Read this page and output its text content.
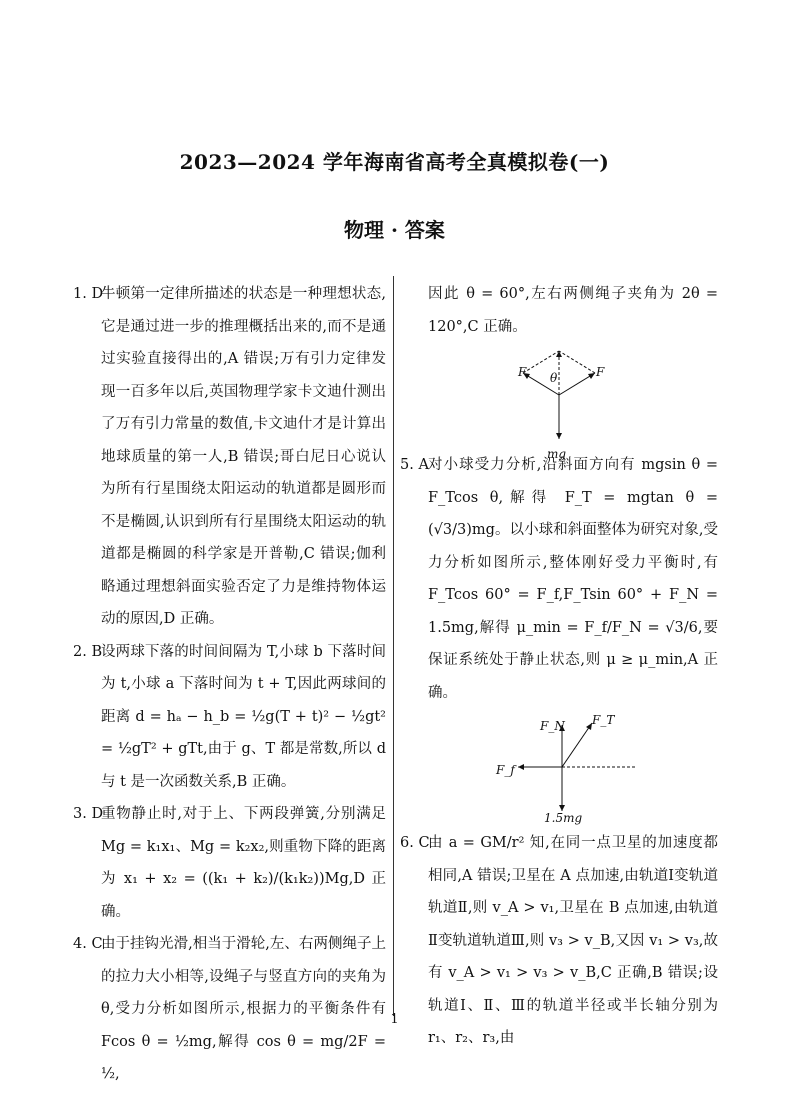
2023—2024 学年海南省高考全真模拟卷(一)
物理 · 答案
1. D
牛顿第一定律所描述的状态是一种理想状态,它是通过进一步的推理概括出来的,而不是通过实验直接得出的,A 错误;万有引力定律发现一百多年以后,英国物理学家卡文迪什测出了万有引力常量的数值,卡文迪什才是计算出地球质量的第一人,B 错误;哥白尼日心说认为所有行星围绕太阳运动的轨道都是圆形而不是椭圆,认识到所有行星围绕太阳运动的轨道都是椭圆的科学家是开普勒,C 错误;伽利略通过理想斜面实验否定了力是维持物体运动的原因,D 正确。
2. B
设两球下落的时间间隔为 T,小球 b 下落时间为 t,小球 a 下落时间为 t + T,因此两球间的距离 d = hₐ − h_b = ½g(T + t)² − ½gt² = ½gT² + gTt,由于 g、T 都是常数,所以 d 与 t 是一次函数关系,B 正确。
3. D
重物静止时,对于上、下两段弹簧,分别满足 Mg = k₁x₁、Mg = k₂x₂,则重物下降的距离为 x₁ + x₂ = ((k₁ + k₂)/(k₁k₂))Mg,D 正确。
4. C
由于挂钩光滑,相当于滑轮,左、右两侧绳子上的拉力大小相等,设绳子与竖直方向的夹角为 θ,受力分析如图所示,根据力的平衡条件有 Fcos θ = ½mg,解得 cos θ = mg/2F = ½,
因此 θ = 60°,左右两侧绳子夹角为 2θ = 120°,C 正确。
F	F
θ
mg
5. A 对小球受力分析,沿斜面方向有 mgsin θ = F_Tcos θ,解得 F_T = mgtan θ = (√3/3)mg。以小球和斜面整体为研究对象,受力分析如图所示,整体刚好受力平衡时,有 F_Tcos 60° = F_f,F_Tsin 60° + F_N = 1.5mg,解得 μ_min = F_f/F_N = √3/6,要保证系统处于静止状态,则 μ ≥ μ_min,A 正确。
F_N F_T
F_f
1.5mg
6. C
由 a = GM/r² 知,在同一点卫星的加速度都相同,A 错误;卫星在 A 点加速,由轨道Ⅰ变轨道轨道Ⅱ,则 v_A > v₁,卫星在 B 点加速,由轨道Ⅱ变轨道轨道Ⅲ,则 v₃ > v_B,又因 v₁ > v₃,故有 v_A > v₁ > v₃ > v_B,C 正确,B 错误;设轨道Ⅰ、Ⅱ、Ⅲ的轨道半径或半长轴分别为 r₁、r₂、r₃,由
1
